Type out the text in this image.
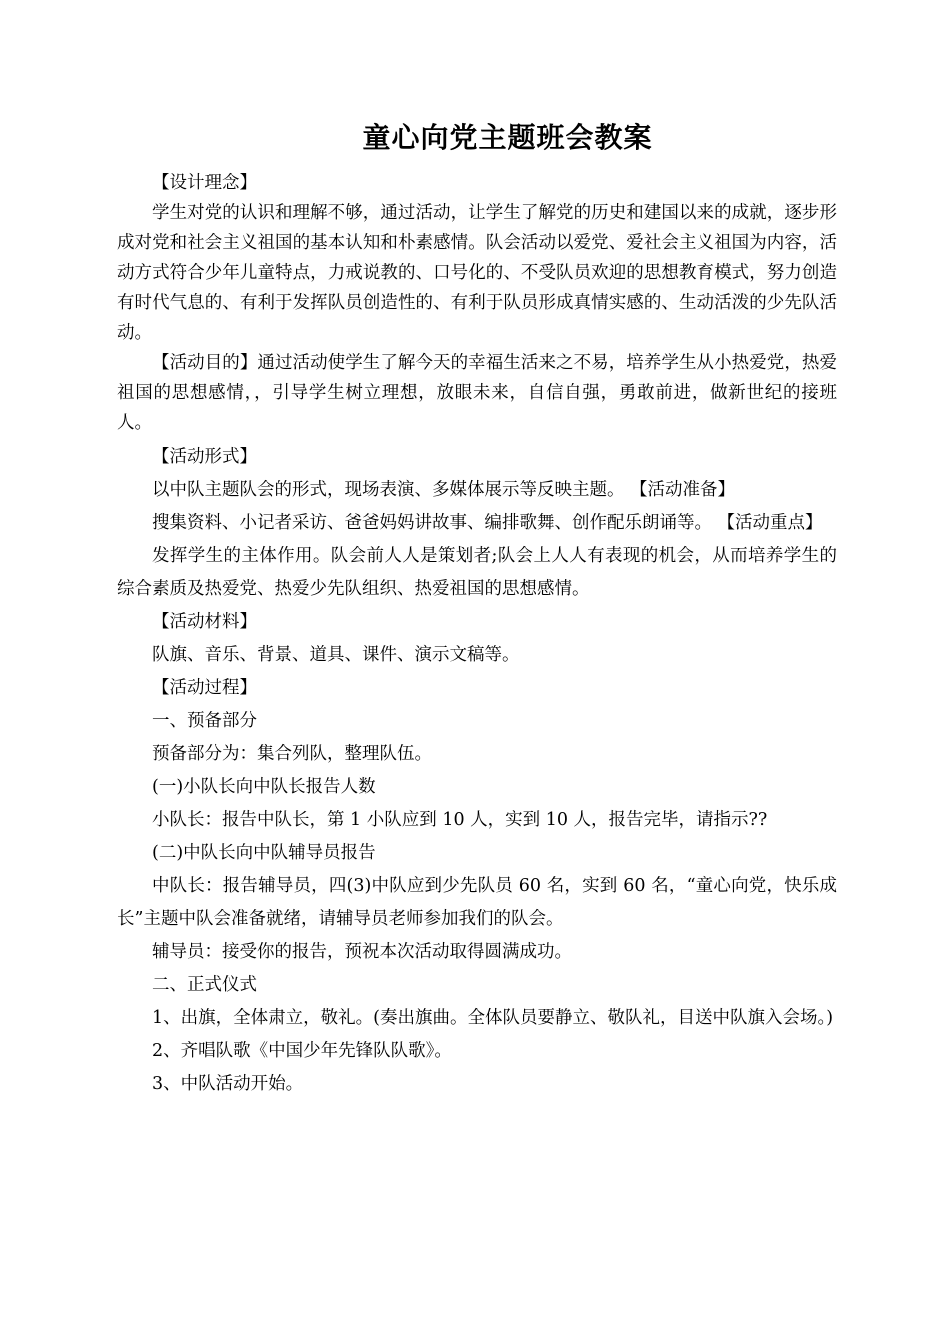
童心向党主题班会教案

【设计理念】

学生对党的认识和理解不够，通过活动，让学生了解党的历史和建国以来的成就，逐步形成对党和社会主义祖国的基本认知和朴素感情。队会活动以爱党、爱社会主义祖国为内容，活动方式符合少年儿童特点，力戒说教的、口号化的、不受队员欢迎的思想教育模式，努力创造有时代气息的、有利于发挥队员创造性的、有利于队员形成真情实感的、生动活泼的少先队活动。

【活动目的】通过活动使学生了解今天的幸福生活来之不易，培养学生从小热爱党，热爱祖国的思想感情，，引导学生树立理想，放眼未来，自信自强，勇敢前进，做新世纪的接班人。

【活动形式】

以中队主题队会的形式，现场表演、多媒体展示等反映主题。 【活动准备】

搜集资料、小记者采访、爸爸妈妈讲故事、编排歌舞、创作配乐朗诵等。 【活动重点】

发挥学生的主体作用。队会前人人是策划者;队会上人人有表现的机会，从而培养学生的综合素质及热爱党、热爱少先队组织、热爱祖国的思想感情。

【活动材料】

队旗、音乐、背景、道具、课件、演示文稿等。

【活动过程】

一、预备部分

预备部分为：集合列队，整理队伍。

(一)小队长向中队长报告人数

小队长：报告中队长，第 1 小队应到 10 人，实到 10 人，报告完毕，请指示??

(二)中队长向中队辅导员报告

中队长：报告辅导员，四(3)中队应到少先队员 60 名，实到 60 名，“童心向党，快乐成长”主题中队会准备就绪，请辅导员老师参加我们的队会。

辅导员：接受你的报告，预祝本次活动取得圆满成功。

二、正式仪式

1、出旗，全体肃立，敬礼。(奏出旗曲。全体队员要静立、敬队礼，目送中队旗入会场。)

2、齐唱队歌《中国少年先锋队队歌》。

3、中队活动开始。
